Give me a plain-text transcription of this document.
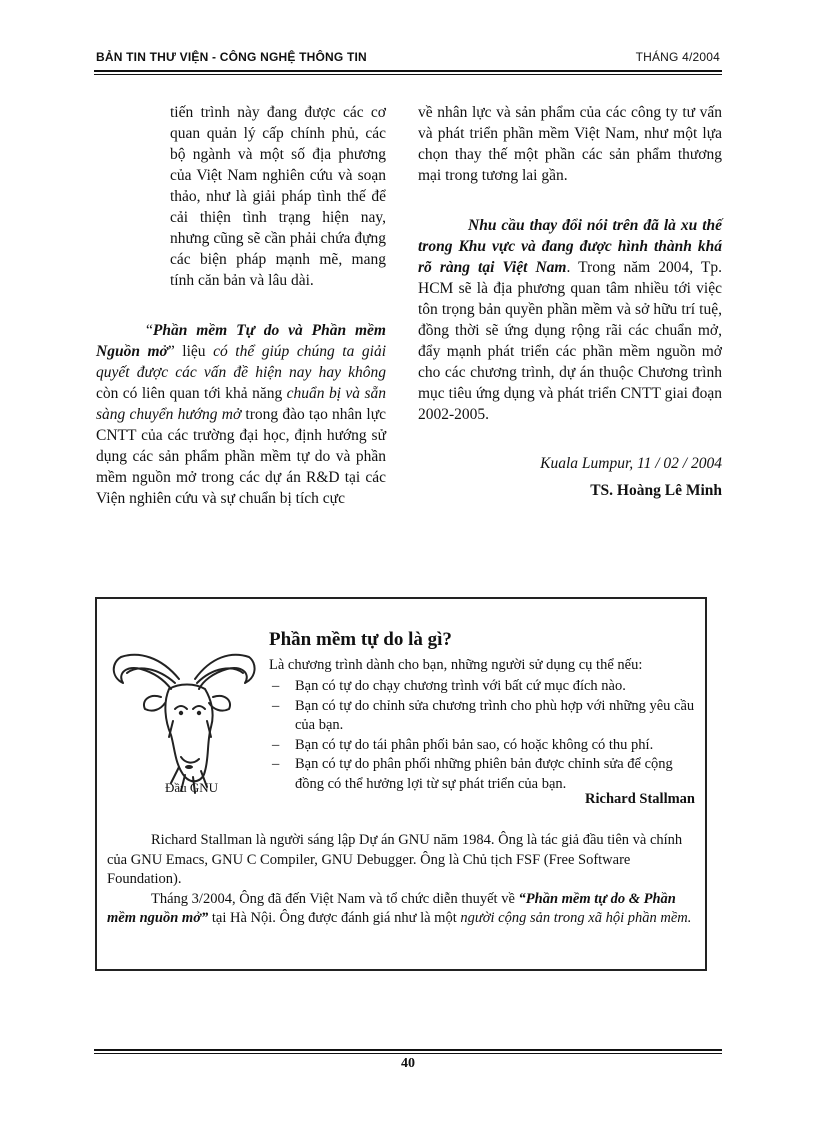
BẢN TIN THƯ VIỆN - CÔNG NGHỆ THÔNG TIN	THÁNG 4/2004

tiến trình này đang được các cơ quan quản lý cấp chính phủ, các bộ ngành và một số địa phương của Việt Nam nghiên cứu và soạn thảo, như là giải pháp tình thế để cải thiện tình trạng hiện nay, nhưng cũng sẽ cần phải chứa đựng các biện pháp mạnh mẽ, mang tính căn bản và lâu dài.

“Phần mềm Tự do và Phần mềm Nguồn mở” liệu có thể giúp chúng ta giải quyết được các vấn đề hiện nay hay không còn có liên quan tới khả năng chuẩn bị và sẵn sàng chuyển hướng mở trong đào tạo nhân lực CNTT của các trường đại học, định hướng sử dụng các sản phẩm phần mềm tự do và phần mềm nguồn mở trong các dự án R&D tại các Viện nghiên cứu và sự chuẩn bị tích cực

về nhân lực và sản phẩm của các công ty tư vấn và phát triển phần mềm Việt Nam, như một lựa chọn thay thế một phần các sản phẩm thương mại trong tương lai gần.

Nhu cầu thay đổi nói trên đã là xu thế trong Khu vực và đang được hình thành khá rõ ràng tại Việt Nam. Trong năm 2004, Tp. HCM sẽ là địa phương quan tâm nhiều tới việc tôn trọng bản quyền phần mềm và sở hữu trí tuệ, đồng thời sẽ ứng dụng rộng rãi các chuẩn mở, đẩy mạnh phát triển các phần mềm nguồn mở cho các chương trình, dự án thuộc Chương trình mục tiêu ứng dụng và phát triển CNTT giai đoạn 2002-2005.

Kuala Lumpur, 11 / 02 / 2004

TS. Hoàng Lê Minh

Đầu GNU
Phần mềm tự do là gì?
Là chương trình dành cho bạn, những người sử dụng cụ thể nếu:
– Bạn có tự do chạy chương trình với bất cứ mục đích nào.
– Bạn có tự do chỉnh sửa chương trình cho phù hợp với những yêu cầu của bạn.
– Bạn có tự do tái phân phối bản sao, có hoặc không có thu phí.
– Bạn có tự do phân phối những phiên bản được chỉnh sửa để cộng đồng có thể hưởng lợi từ sự phát triển của bạn.
Richard Stallman

Richard Stallman là người sáng lập Dự án GNU năm 1984. Ông là tác giả đầu tiên và chính của GNU Emacs, GNU C Compiler, GNU Debugger. Ông là Chủ tịch FSF (Free Software Foundation).

Tháng 3/2004, Ông đã đến Việt Nam và tổ chức diễn thuyết về “Phần mềm tự do & Phần mềm nguồn mở” tại Hà Nội. Ông được đánh giá như là một người cộng sản trong xã hội phần mềm.

40
